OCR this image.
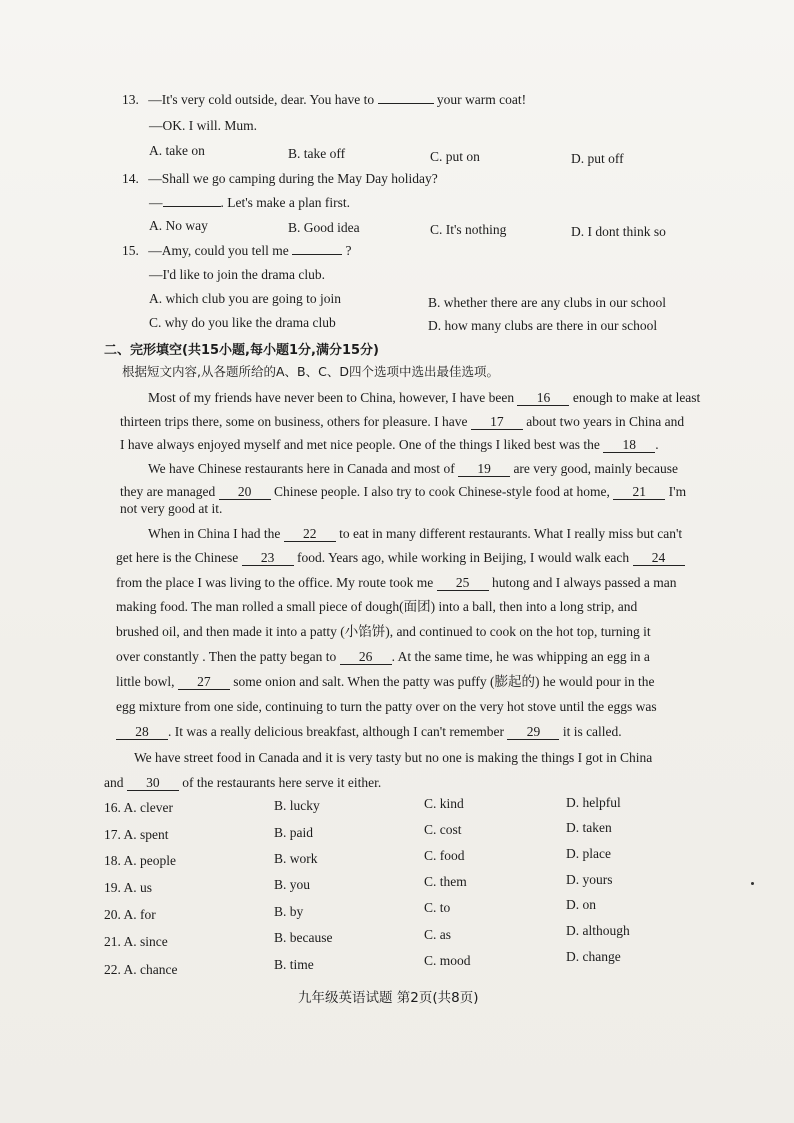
13. —It's very cold outside, dear. You have to	your warm coat!
—OK. I will. Mum.
A. take on	B. take off	C. put on	D. put off
14. —Shall we go camping during the May Day holiday?
—	. Let's make a plan first.
A. No way	B. Good idea	C. It's nothing	D. I dont think so
15. —Amy, could you tell me	?
—I'd like to join the drama club.
A. which club you are going to join	B. whether there are any clubs in our school
C. why do you like the drama club	D. how many clubs are there in our school
二、完形填空(共15小题,每小题1分,满分15分)
根据短文内容,从各题所给的A、B、C、D四个选项中选出最佳选项。
Most of my friends have never been to China, however, I have been 16 enough to make at least
thirteen trips there, some on business, others for pleasure. I have 17 about two years in China and
I have always enjoyed myself and met nice people. One of the things I liked best was the 18 .
We have Chinese restaurants here in Canada and most of 19 are very good, mainly because
they are managed 20 Chinese people. I also try to cook Chinese-style food at home, 21 I'm
not very good at it.
When in China I had the 22 to eat in many different restaurants. What I really miss but can't
get here is the Chinese 23 food. Years ago, while working in Beijing, I would walk each 24
from the place I was living to the office. My route took me 25 hutong and I always passed a man
making food. The man rolled a small piece of dough(面团) into a ball, then into a long strip, and
brushed oil, and then made it into a patty (小馅饼), and continued to cook on the hot top, turning it
over constantly . Then the patty began to 26 . At the same time, he was whipping an egg in a
little bowl, 27 some onion and salt. When the patty was puffy (膨起的) he would pour in the
egg mixture from one side, continuing to turn the patty over on the very hot stove until the eggs was
28 . It was a really delicious breakfast, although I can't remember 29 it is called.
We have street food in Canada and it is very tasty but no one is making the things I got in China
and 30 of the restaurants here serve it either.
16. A. clever	B. lucky	C. kind	D. helpful
17. A. spent	B. paid	C. cost	D. taken
18. A. people	B. work	C. food	D. place
19. A. us	B. you	C. them	D. yours
20. A. for	B. by	C. to	D. on
21. A. since	B. because	C. as	D. although
22. A. chance	B. time	C. mood	D. change
九年级英语试题 第2页(共8页)
